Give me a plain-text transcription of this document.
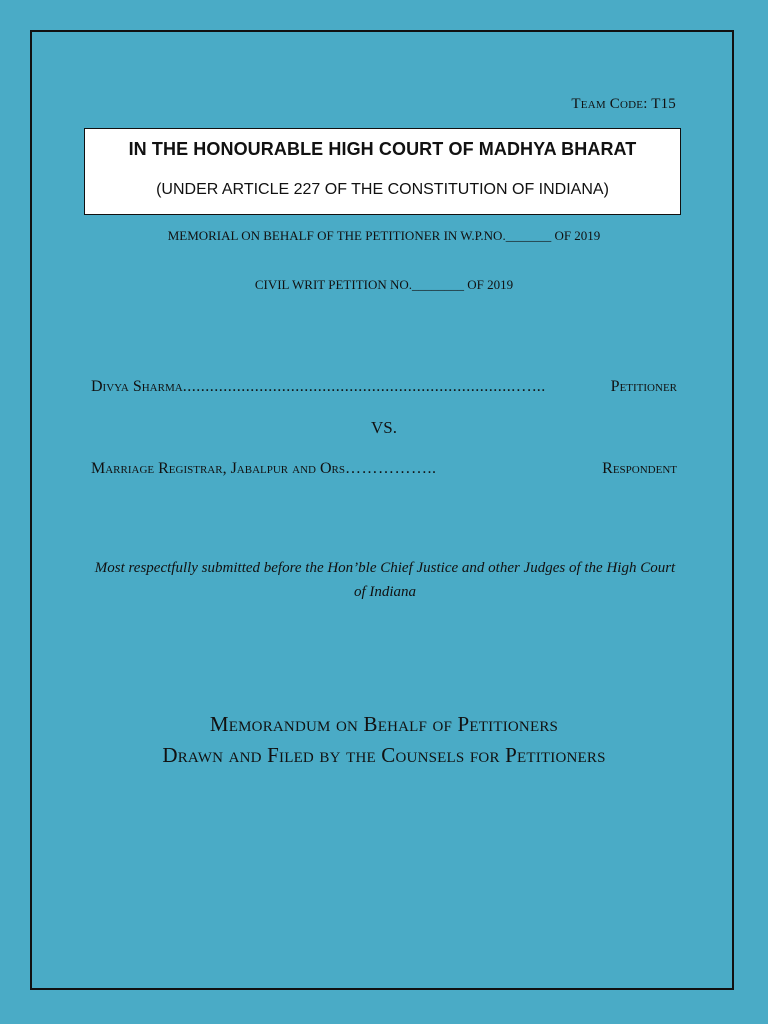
Team Code: T15
IN THE HONOURABLE HIGH COURT OF MADHYA BHARAT
(UNDER ARTICLE 227 OF THE CONSTITUTION OF INDIANA)
MEMORIAL ON BEHALF OF THE PETITIONER IN W.P.NO._______ OF 2019
CIVIL WRIT PETITION NO.________ OF 2019
Divya Sharma ..........................................................................…...	Petitioner
VS.
Marriage Registrar, Jabalpur and Ors ……………..	Respondent
Most respectfully submitted before the Hon’ble Chief Justice and other Judges of the High Court of Indiana
Memorandum on Behalf of Petitioners
Drawn and Filed by the Counsels for Petitioners
